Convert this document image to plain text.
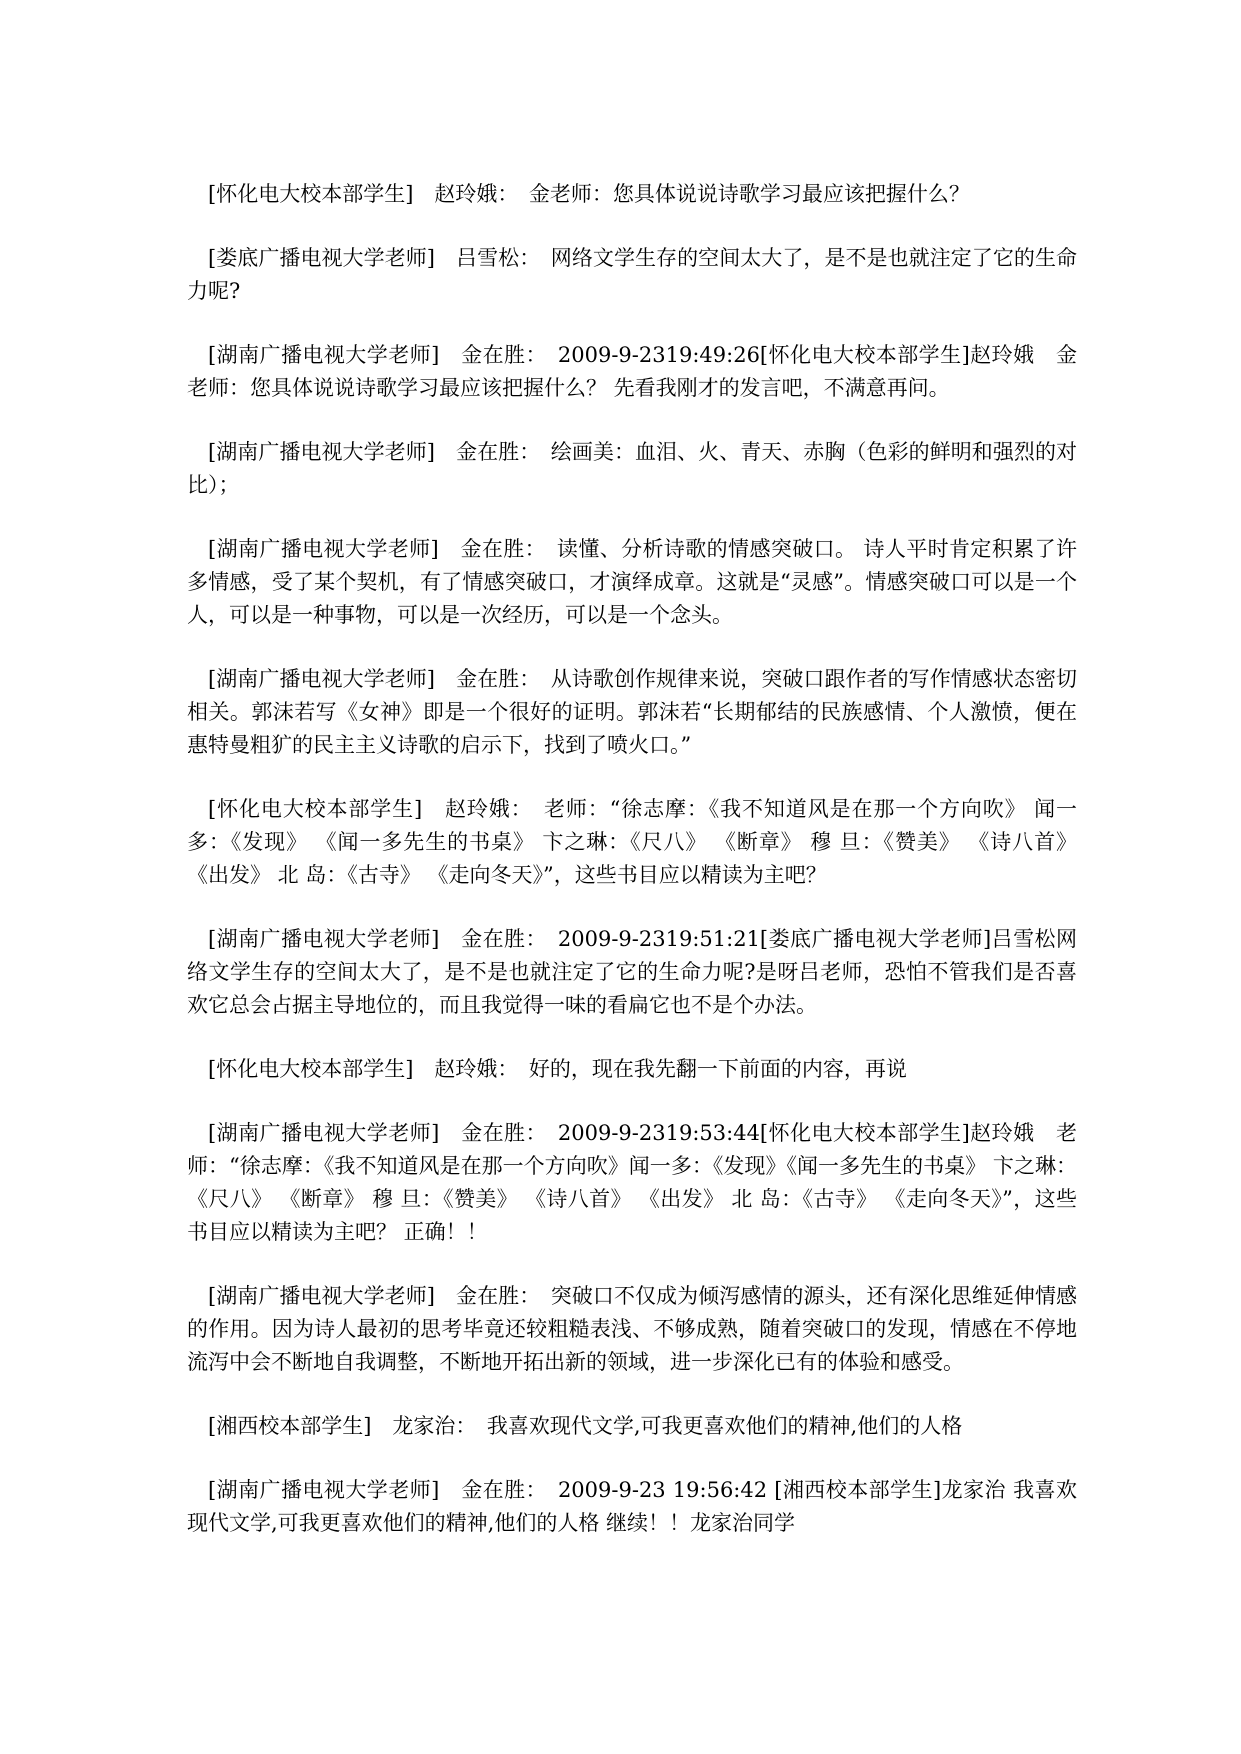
[怀化电大校本部学生]　赵玲娥：　金老师：您具体说说诗歌学习最应该把握什么？

[娄底广播电视大学老师]　吕雪松：　网络文学生存的空间太大了，是不是也就注定了它的生命力呢?

[湖南广播电视大学老师]　金在胜：　2009-9-2319:49:26[怀化电大校本部学生]赵玲娥　金老师：您具体说说诗歌学习最应该把握什么？ 先看我刚才的发言吧，不满意再问。

[湖南广播电视大学老师]　金在胜：　绘画美：血泪、火、青天、赤胸（色彩的鲜明和强烈的对比）；

[湖南广播电视大学老师]　金在胜：　读懂、分析诗歌的情感突破口。 诗人平时肯定积累了许多情感，受了某个契机，有了情感突破口，才演绎成章。这就是“灵感”。情感突破口可以是一个人，可以是一种事物，可以是一次经历，可以是一个念头。

[湖南广播电视大学老师]　金在胜：　从诗歌创作规律来说，突破口跟作者的写作情感状态密切相关。郭沫若写《女神》即是一个很好的证明。郭沫若“长期郁结的民族感情、个人激愤，便在惠特曼粗犷的民主主义诗歌的启示下，找到了喷火口。”

[怀化电大校本部学生]　赵玲娥：　老师：“徐志摩：《我不知道风是在那一个方向吹》 闻一多：《发现》 《闻一多先生的书桌》 卞之琳：《尺八》 《断章》 穆 旦：《赞美》 《诗八首》 《出发》 北 岛：《古寺》 《走向冬天》”，这些书目应以精读为主吧？

[湖南广播电视大学老师]　金在胜：　2009-9-2319:51:21[娄底广播电视大学老师]吕雪松网络文学生存的空间太大了，是不是也就注定了它的生命力呢?是呀吕老师，恐怕不管我们是否喜欢它总会占据主导地位的，而且我觉得一味的看扁它也不是个办法。

[怀化电大校本部学生]　赵玲娥：　好的，现在我先翻一下前面的内容，再说

[湖南广播电视大学老师]　金在胜：　2009-9-2319:53:44[怀化电大校本部学生]赵玲娥　老师：“徐志摩：《我不知道风是在那一个方向吹》闻一多：《发现》《闻一多先生的书桌》 卞之琳：《尺八》 《断章》 穆 旦：《赞美》 《诗八首》 《出发》 北 岛：《古寺》 《走向冬天》”，这些书目应以精读为主吧？ 正确！！

[湖南广播电视大学老师]　金在胜：　突破口不仅成为倾泻感情的源头，还有深化思维延伸情感的作用。因为诗人最初的思考毕竟还较粗糙表浅、不够成熟，随着突破口的发现，情感在不停地流泻中会不断地自我调整，不断地开拓出新的领域，进一步深化已有的体验和感受。

[湘西校本部学生]　龙家治：　我喜欢现代文学,可我更喜欢他们的精神,他们的人格

[湖南广播电视大学老师]　金在胜：　2009-9-23 19:56:42 [湘西校本部学生]龙家治 我喜欢现代文学,可我更喜欢他们的精神,他们的人格 继续！！龙家治同学
